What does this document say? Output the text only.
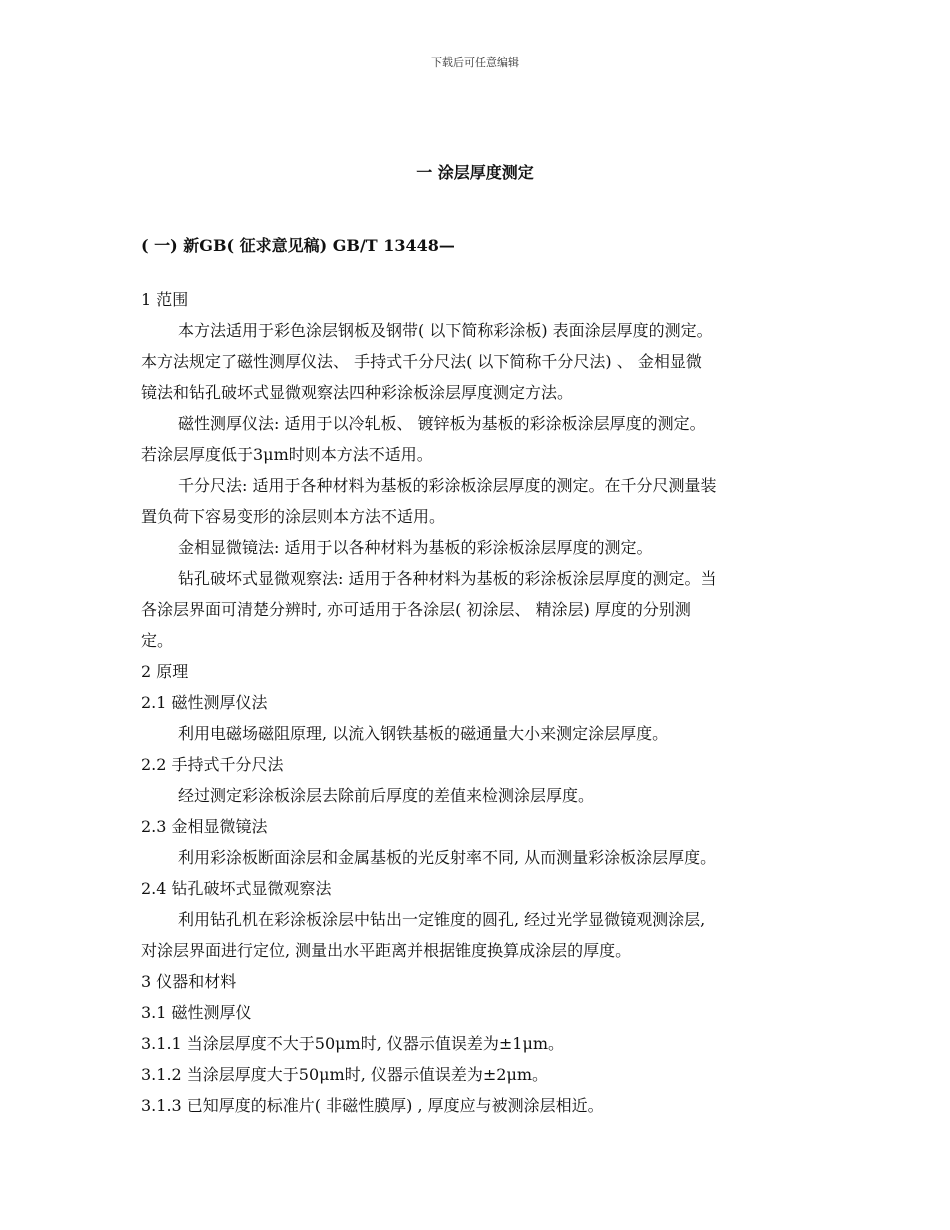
下载后可任意编辑
一 涂层厚度测定
( 一) 新GB( 征求意见稿) GB/T 13448—
1 范围
本方法适用于彩色涂层钢板及钢带( 以下简称彩涂板) 表面涂层厚度的测定。
本方法规定了磁性测厚仪法、 手持式千分尺法( 以下简称千分尺法) 、 金相显微
镜法和钻孔破坏式显微观察法四种彩涂板涂层厚度测定方法。
磁性测厚仪法: 适用于以冷轧板、 镀锌板为基板的彩涂板涂层厚度的测定。
若涂层厚度低于3μm时则本方法不适用。
千分尺法: 适用于各种材料为基板的彩涂板涂层厚度的测定。在千分尺测量装
置负荷下容易变形的涂层则本方法不适用。
金相显微镜法: 适用于以各种材料为基板的彩涂板涂层厚度的测定。
钻孔破坏式显微观察法: 适用于各种材料为基板的彩涂板涂层厚度的测定。当
各涂层界面可清楚分辨时, 亦可适用于各涂层( 初涂层、 精涂层) 厚度的分别测
定。
2 原理
2.1 磁性测厚仪法
利用电磁场磁阻原理, 以流入钢铁基板的磁通量大小来测定涂层厚度。
2.2 手持式千分尺法
经过测定彩涂板涂层去除前后厚度的差值来检测涂层厚度。
2.3 金相显微镜法
利用彩涂板断面涂层和金属基板的光反射率不同, 从而测量彩涂板涂层厚度。
2.4 钻孔破坏式显微观察法
利用钻孔机在彩涂板涂层中钻出一定锥度的圆孔, 经过光学显微镜观测涂层,
对涂层界面进行定位, 测量出水平距离并根据锥度换算成涂层的厚度。
3 仪器和材料
3.1 磁性测厚仪
3.1.1 当涂层厚度不大于50μm时, 仪器示值误差为±1μm。
3.1.2 当涂层厚度大于50μm时, 仪器示值误差为±2μm。
3.1.3 已知厚度的标准片( 非磁性膜厚) , 厚度应与被测涂层相近。
